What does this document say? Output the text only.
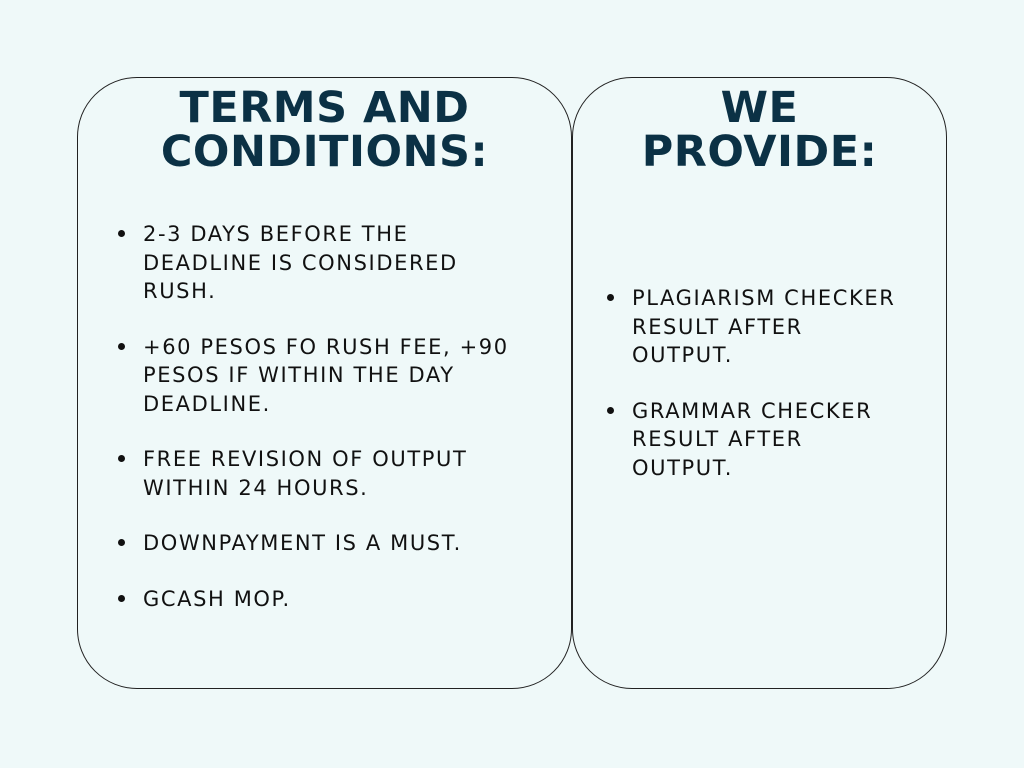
TERMS AND
CONDITIONS:
2-3 DAYS BEFORE THE
DEADLINE IS CONSIDERED
RUSH.
+60 PESOS FO RUSH FEE, +90
PESOS IF WITHIN THE DAY
DEADLINE.
FREE REVISION OF OUTPUT
WITHIN 24 HOURS.
DOWNPAYMENT IS A MUST.
GCASH MOP.
WE
PROVIDE:
PLAGIARISM CHECKER
RESULT AFTER
OUTPUT.
GRAMMAR CHECKER
RESULT AFTER
OUTPUT.
